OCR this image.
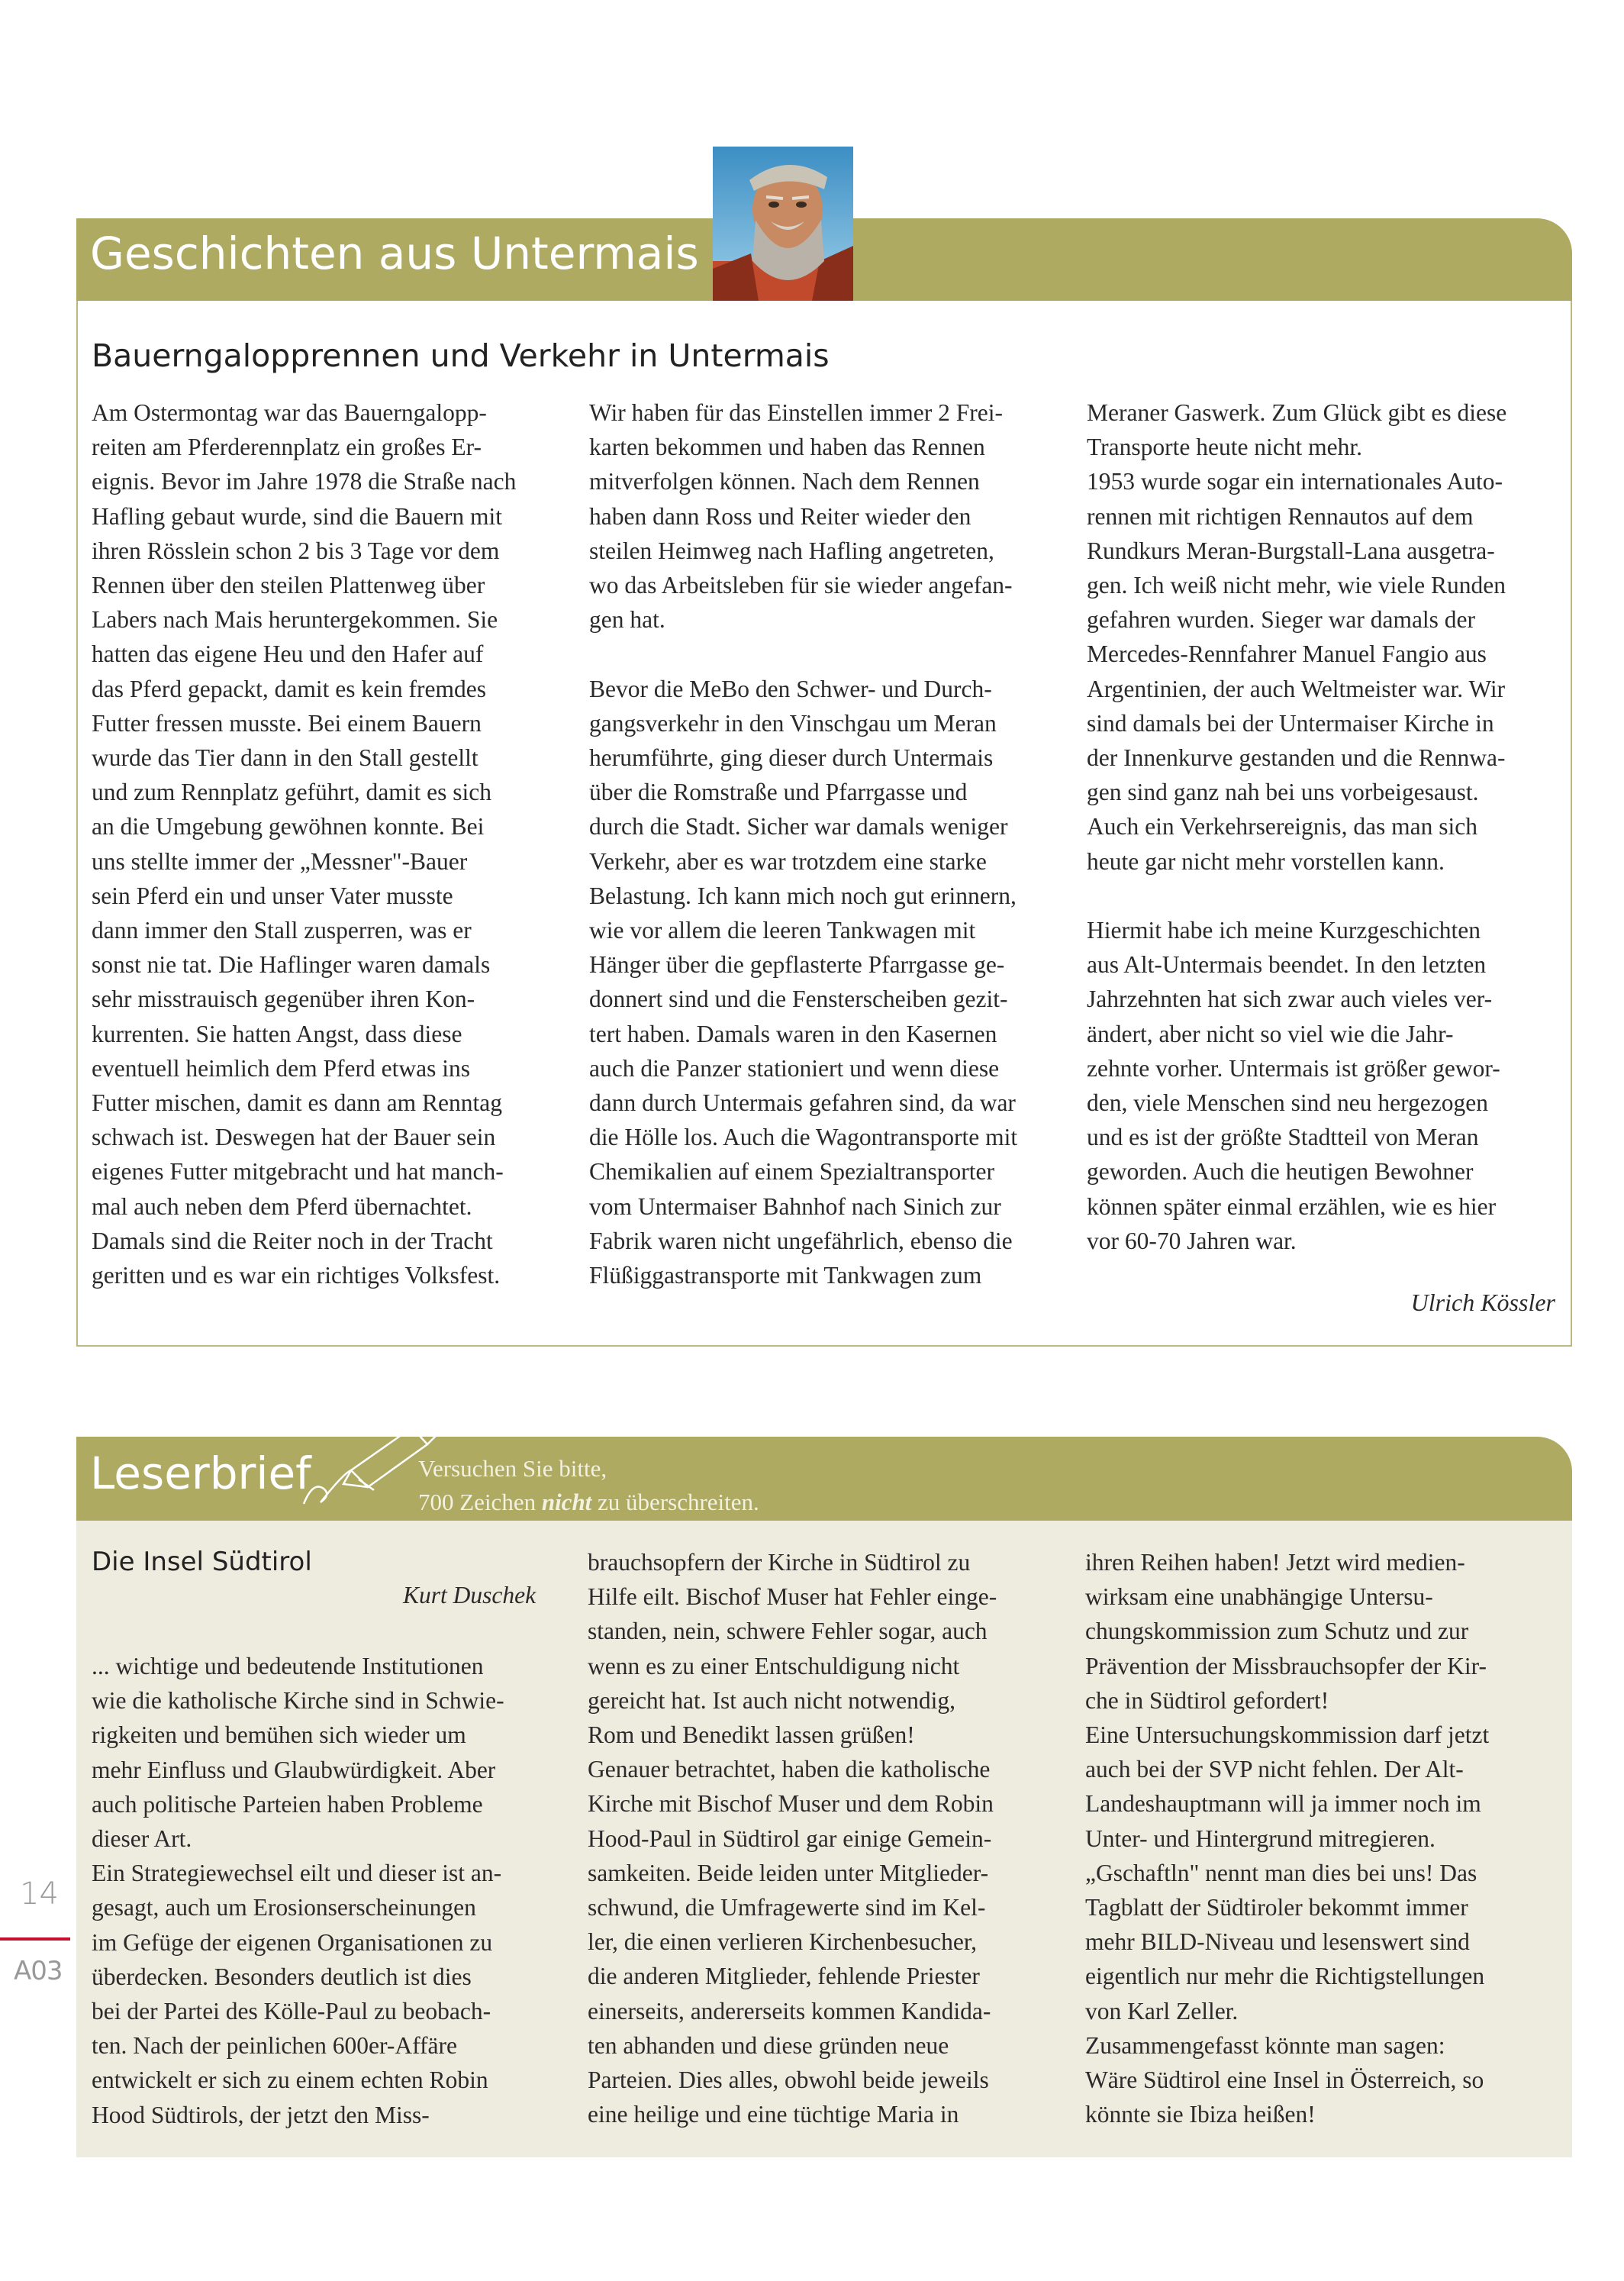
Geschichten aus Untermais
Bauerngalopprennen und Verkehr in Untermais
Am Ostermontag war das Bauerngalopp-
reiten am Pferderennplatz ein großes Er-
eignis. Bevor im Jahre 1978 die Straße nach
Hafling gebaut wurde, sind die Bauern mit
ihren Rösslein schon 2 bis 3 Tage vor dem
Rennen über den steilen Plattenweg über
Labers nach Mais heruntergekommen. Sie
hatten das eigene Heu und den Hafer auf
das Pferd gepackt, damit es kein fremdes
Futter fressen musste. Bei einem Bauern
wurde das Tier dann in den Stall gestellt
und zum Rennplatz geführt, damit es sich
an die Umgebung gewöhnen konnte. Bei
uns stellte immer der „Messner"-Bauer
sein Pferd ein und unser Vater musste
dann immer den Stall zusperren, was er
sonst nie tat. Die Haflinger waren damals
sehr misstrauisch gegenüber ihren Kon-
kurrenten. Sie hatten Angst, dass diese
eventuell heimlich dem Pferd etwas ins
Futter mischen, damit es dann am Renntag
schwach ist. Deswegen hat der Bauer sein
eigenes Futter mitgebracht und hat manch-
mal auch neben dem Pferd übernachtet.
Damals sind die Reiter noch in der Tracht
geritten und es war ein richtiges Volksfest.
Wir haben für das Einstellen immer 2 Frei-
karten bekommen und haben das Rennen
mitverfolgen können. Nach dem Rennen
haben dann Ross und Reiter wieder den
steilen Heimweg nach Hafling angetreten,
wo das Arbeitsleben für sie wieder angefan-
gen hat.

Bevor die MeBo den Schwer- und Durch-
gangsverkehr in den Vinschgau um Meran
herumführte, ging dieser durch Untermais
über die Romstraße und Pfarrgasse und
durch die Stadt. Sicher war damals weniger
Verkehr, aber es war trotzdem eine starke
Belastung. Ich kann mich noch gut erinnern,
wie vor allem die leeren Tankwagen mit
Hänger über die gepflasterte Pfarrgasse ge-
donnert sind und die Fensterscheiben gezit-
tert haben. Damals waren in den Kasernen
auch die Panzer stationiert und wenn diese
dann durch Untermais gefahren sind, da war
die Hölle los. Auch die Wagontransporte mit
Chemikalien auf einem Spezialtransporter
vom Untermaiser Bahnhof nach Sinich zur
Fabrik waren nicht ungefährlich, ebenso die
Flüßiggastransporte mit Tankwagen zum
Meraner Gaswerk. Zum Glück gibt es diese
Transporte heute nicht mehr.
1953 wurde sogar ein internationales Auto-
rennen mit richtigen Rennautos auf dem
Rundkurs Meran-Burgstall-Lana ausgetra-
gen. Ich weiß nicht mehr, wie viele Runden
gefahren wurden. Sieger war damals der
Mercedes-Rennfahrer Manuel Fangio aus
Argentinien, der auch Weltmeister war. Wir
sind damals bei der Untermaiser Kirche in
der Innenkurve gestanden und die Rennwa-
gen sind ganz nah bei uns vorbeigesaust.
Auch ein Verkehrsereignis, das man sich
heute gar nicht mehr vorstellen kann.

Hiermit habe ich meine Kurzgeschichten
aus Alt-Untermais beendet. In den letzten
Jahrzehnten hat sich zwar auch vieles ver-
ändert, aber nicht so viel wie die Jahr-
zehnte vorher. Untermais ist größer gewor-
den, viele Menschen sind neu hergezogen
und es ist der größte Stadtteil von Meran
geworden. Auch die heutigen Bewohner
können später einmal erzählen, wie es hier
vor 60-70 Jahren war.
Ulrich Kössler
Leserbrief	Versuchen Sie bitte,
700 Zeichen nicht zu überschreiten.
Die Insel Südtirol
Kurt Duschek
... wichtige und bedeutende Institutionen
wie die katholische Kirche sind in Schwie-
rigkeiten und bemühen sich wieder um
mehr Einfluss und Glaubwürdigkeit. Aber
auch politische Parteien haben Probleme
dieser Art.
Ein Strategiewechsel eilt und dieser ist an-
gesagt, auch um Erosionserscheinungen
im Gefüge der eigenen Organisationen zu
überdecken. Besonders deutlich ist dies
bei der Partei des Kölle-Paul zu beobach-
ten. Nach der peinlichen 600er-Affäre
entwickelt er sich zu einem echten Robin
Hood Südtirols, der jetzt den Miss-
brauchsopfern der Kirche in Südtirol zu
Hilfe eilt. Bischof Muser hat Fehler einge-
standen, nein, schwere Fehler sogar, auch
wenn es zu einer Entschuldigung nicht
gereicht hat. Ist auch nicht notwendig,
Rom und Benedikt lassen grüßen!
Genauer betrachtet, haben die katholische
Kirche mit Bischof Muser und dem Robin
Hood-Paul in Südtirol gar einige Gemein-
samkeiten. Beide leiden unter Mitglieder-
schwund, die Umfragewerte sind im Kel-
ler, die einen verlieren Kirchenbesucher,
die anderen Mitglieder, fehlende Priester
einerseits, andererseits kommen Kandida-
ten abhanden und diese gründen neue
Parteien. Dies alles, obwohl beide jeweils
eine heilige und eine tüchtige Maria in
ihren Reihen haben! Jetzt wird medien-
wirksam eine unabhängige Untersu-
chungskommission zum Schutz und zur
Prävention der Missbrauchsopfer der Kir-
che in Südtirol gefordert!
Eine Untersuchungskommission darf jetzt
auch bei der SVP nicht fehlen. Der Alt-
Landeshauptmann will ja immer noch im
Unter- und Hintergrund mitregieren.
„Gschaftln" nennt man dies bei uns! Das
Tagblatt der Südtiroler bekommt immer
mehr BILD-Niveau und lesenswert sind
eigentlich nur mehr die Richtigstellungen
von Karl Zeller.
Zusammengefasst könnte man sagen:
Wäre Südtirol eine Insel in Österreich, so
könnte sie Ibiza heißen!
14
A03
